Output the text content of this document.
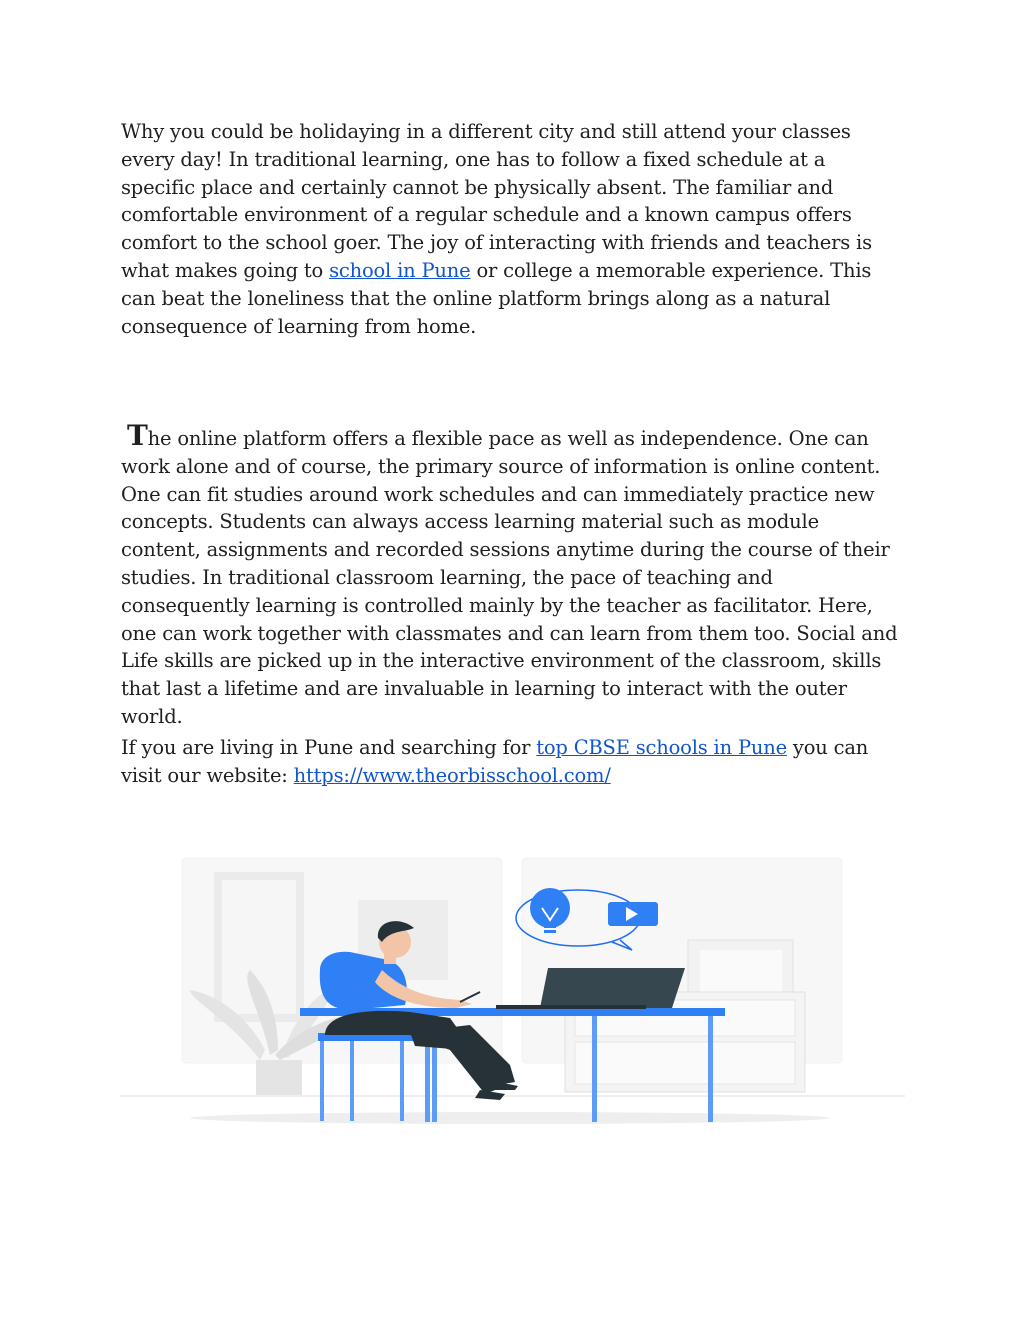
Why you could be holidaying in a different city and still attend your classes every day! In traditional learning, one has to follow a fixed schedule at a specific place and certainly cannot be physically absent. The familiar and comfortable environment of a regular schedule and a known campus offers comfort to the school goer. The joy of interacting with friends and teachers is what makes going to school in Pune or college a memorable experience. This can beat the loneliness that the online platform brings along as a natural consequence of learning from home.
The online platform offers a flexible pace as well as independence. One can work alone and of course, the primary source of information is online content. One can fit studies around work schedules and can immediately practice new concepts. Students can always access learning material such as module content, assignments and recorded sessions anytime during the course of their studies. In traditional classroom learning, the pace of teaching and consequently learning is controlled mainly by the teacher as facilitator. Here, one can work together with classmates and can learn from them too. Social and Life skills are picked up in the interactive environment of the classroom, skills that last a lifetime and are invaluable in learning to interact with the outer world.
If you are living in Pune and searching for top CBSE schools in Pune you can visit our website: https://www.theorbisschool.com/
